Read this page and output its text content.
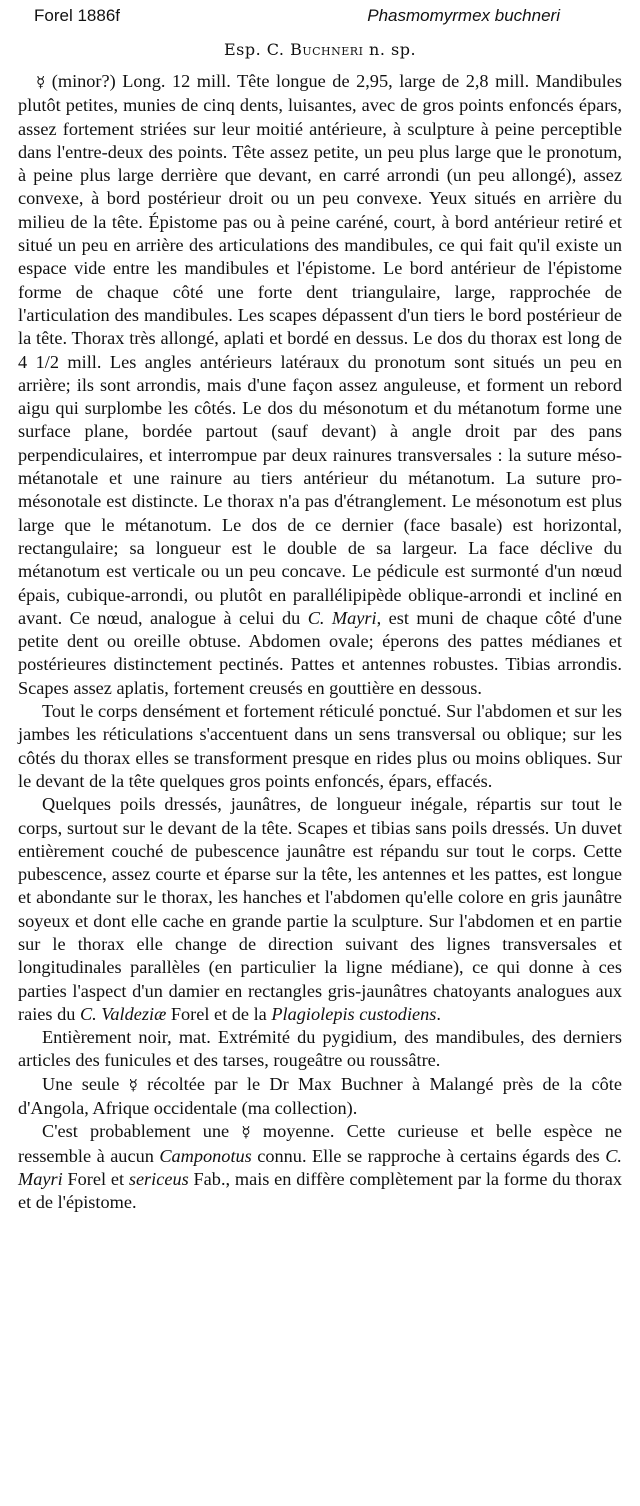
Forel 1886f	Phasmomyrmex buchneri
Esp. C. Buchneri n. sp.

☿ (minor?) Long. 12 mill. Tête longue de 2,95, large de 2,8 mill. Mandibules plutôt petites, munies de cinq dents, luisantes, avec de gros points enfoncés épars, assez fortement striées sur leur moitié antérieure, à sculpture à peine perceptible dans l'entre-deux des points. Tête assez petite, un peu plus large que le pronotum, à peine plus large derrière que devant, en carré arrondi (un peu allongé), assez convexe, à bord postérieur droit ou un peu convexe. Yeux situés en arrière du milieu de la tête. Épistome pas ou à peine caréné, court, à bord antérieur retiré et situé un peu en arrière des articulations des mandibules, ce qui fait qu'il existe un espace vide entre les mandibules et l'épistome. Le bord antérieur de l'épistome forme de chaque côté une forte dent triangulaire, large, rapprochée de l'articulation des mandibules. Les scapes dépassent d'un tiers le bord postérieur de la tête. Thorax très allongé, aplati et bordé en dessus. Le dos du thorax est long de 4 1/2 mill. Les angles antérieurs latéraux du pronotum sont situés un peu en arrière; ils sont arrondis, mais d'une façon assez anguleuse, et forment un rebord aigu qui surplombe les côtés. Le dos du mésonotum et du métanotum forme une surface plane, bordée partout (sauf devant) à angle droit par des pans perpendiculaires, et interrompue par deux rainures transversales : la suture méso-métanotale et une rainure au tiers antérieur du métanotum. La suture pro-mésonotale est distincte. Le thorax n'a pas d'étranglement. Le mésonotum est plus large que le métanotum. Le dos de ce dernier (face basale) est horizontal, rectangulaire; sa longueur est le double de sa largeur. La face déclive du métanotum est verticale ou un peu concave. Le pédicule est surmonté d'un nœud épais, cubique-arrondi, ou plutôt en parallélipipède oblique-arrondi et incliné en avant. Ce nœud, analogue à celui du C. Mayri, est muni de chaque côté d'une petite dent ou oreille obtuse. Abdomen ovale; éperons des pattes médianes et postérieures distinctement pectinés. Pattes et antennes robustes. Tibias arrondis. Scapes assez aplatis, fortement creusés en gouttière en dessous.

Tout le corps densément et fortement réticulé ponctué. Sur l'abdomen et sur les jambes les réticulations s'accentuent dans un sens transversal ou oblique; sur les côtés du thorax elles se transforment presque en rides plus ou moins obliques. Sur le devant de la tête quelques gros points enfoncés, épars, effacés.

Quelques poils dressés, jaunâtres, de longueur inégale, répartis sur tout le corps, surtout sur le devant de la tête. Scapes et tibias sans poils dressés. Un duvet entièrement couché de pubescence jaunâtre est répandu sur tout le corps. Cette pubescence, assez courte et éparse sur la tête, les antennes et les pattes, est longue et abondante sur le thorax, les hanches et l'abdomen qu'elle colore en gris jaunâtre soyeux et dont elle cache en grande partie la sculpture. Sur l'abdomen et en partie sur le thorax elle change de direction suivant des lignes transversales et longitudinales parallèles (en particulier la ligne médiane), ce qui donne à ces parties l'aspect d'un damier en rectangles gris-jaunâtres chatoyants analogues aux raies du C. Valdeziæ Forel et de la Plagiolepis custodiens.

Entièrement noir, mat. Extrémité du pygidium, des mandibules, des derniers articles des funicules et des tarses, rougeâtre ou roussâtre.

Une seule ☿ récoltée par le Dr Max Buchner à Malangé près de la côte d'Angola, Afrique occidentale (ma collection).

C'est probablement une ☿ moyenne. Cette curieuse et belle espèce ne ressemble à aucun Camponotus connu. Elle se rapproche à certains égards des C. Mayri Forel et sericeus Fab., mais en diffère complètement par la forme du thorax et de l'épistome.
